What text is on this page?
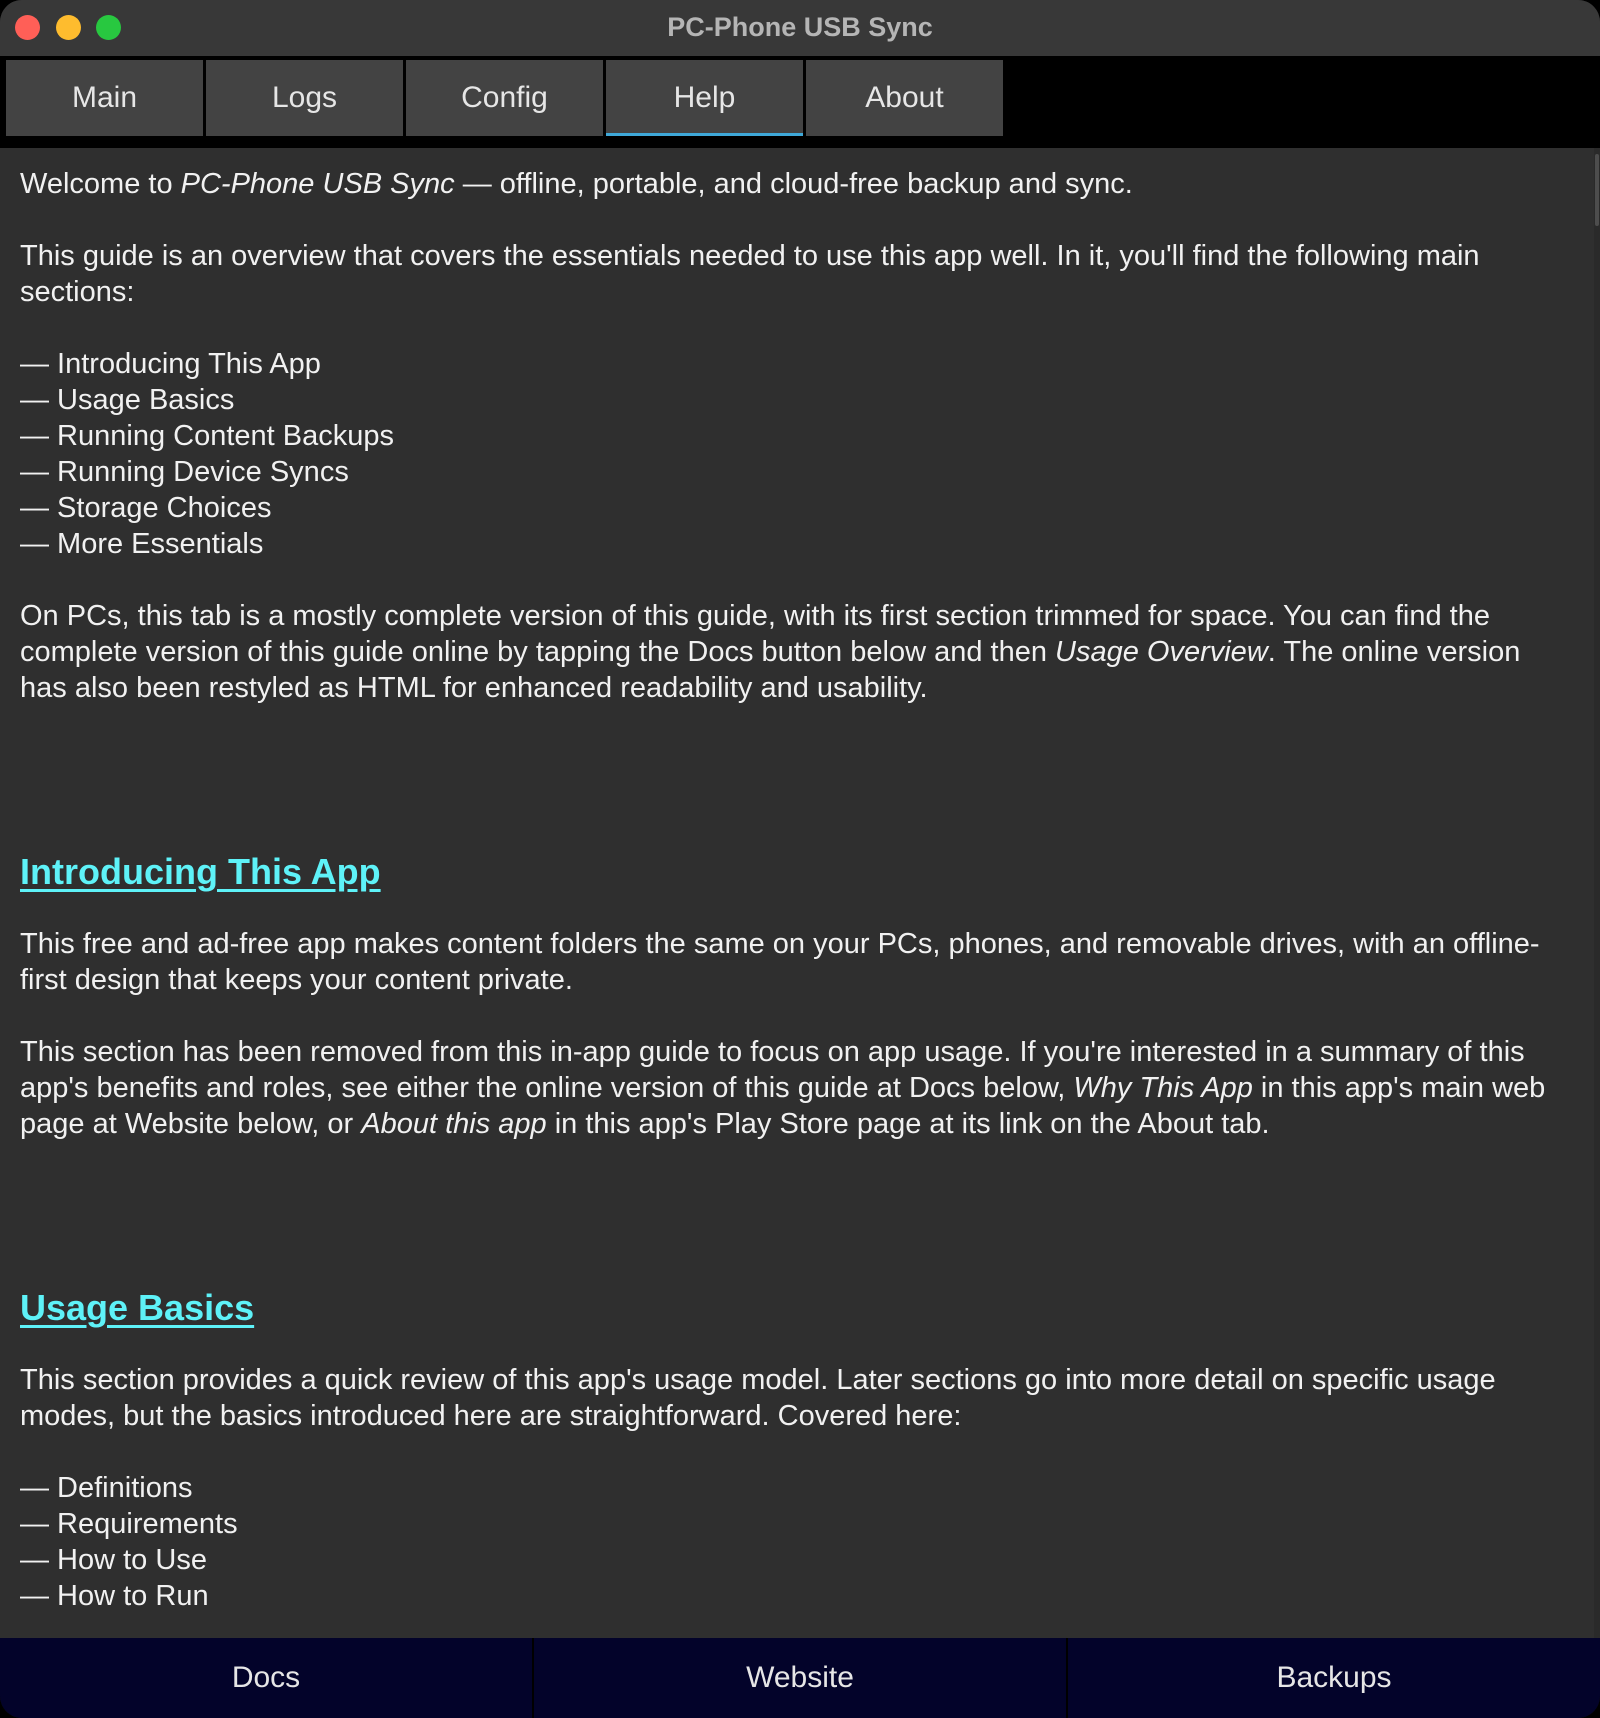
PC-Phone USB Sync
Main	Logs	Config	Help	About

Welcome to PC-Phone USB Sync — offline, portable, and cloud-free backup and sync.

This guide is an overview that covers the essentials needed to use this app well. In it, you'll find the following main sections:

— Introducing This App
— Usage Basics
— Running Content Backups
— Running Device Syncs
— Storage Choices
— More Essentials

On PCs, this tab is a mostly complete version of this guide, with its first section trimmed for space. You can find the complete version of this guide online by tapping the Docs button below and then Usage Overview. The online version has also been restyled as HTML for enhanced readability and usability.

Introducing This App

This free and ad-free app makes content folders the same on your PCs, phones, and removable drives, with an offline-first design that keeps your content private.

This section has been removed from this in-app guide to focus on app usage. If you're interested in a summary of this app's benefits and roles, see either the online version of this guide at Docs below, Why This App in this app's main web page at Website below, or About this app in this app's Play Store page at its link on the About tab.

Usage Basics

This section provides a quick review of this app's usage model. Later sections go into more detail on specific usage modes, but the basics introduced here are straightforward. Covered here:

— Definitions
— Requirements
— How to Use
— How to Run
Docs	Website	Backups
